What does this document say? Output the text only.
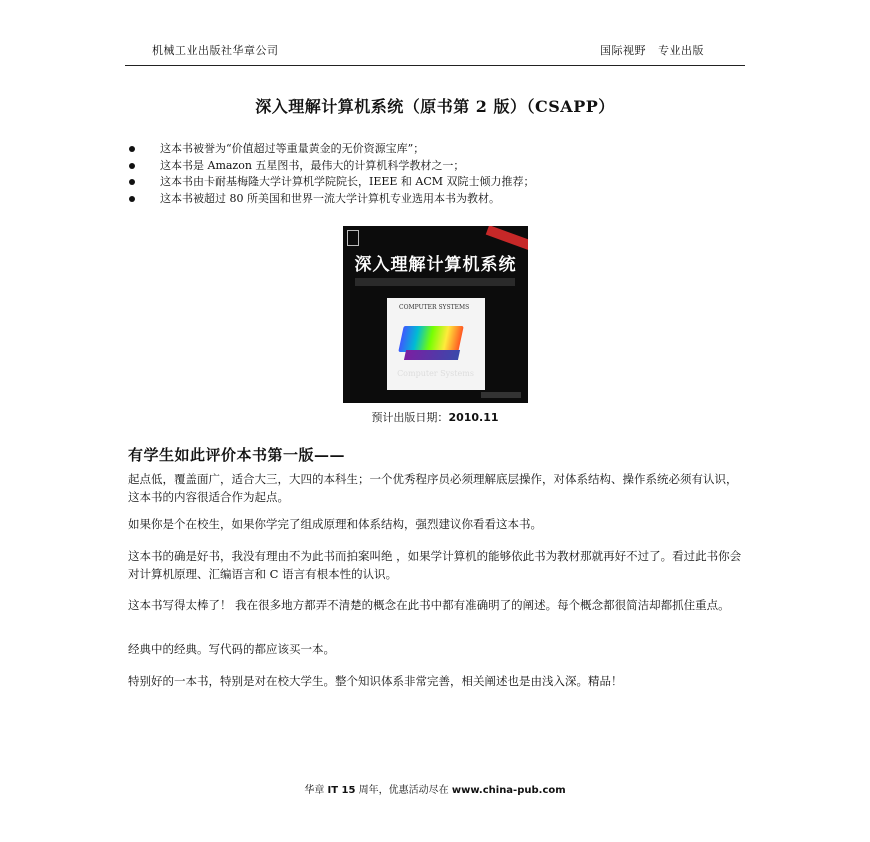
机械工业出版社华章公司	国际视野 专业出版
深入理解计算机系统（原书第 2 版）（CSAPP）
这本书被誉为“价值超过等重量黄金的无价资源宝库”；
这本书是 Amazon 五星图书，最伟大的计算机科学教材之一；
这本书由卡耐基梅隆大学计算机学院院长，IEEE 和 ACM 双院士倾力推荐；
这本书被超过 80 所美国和世界一流大学计算机专业选用本书为教材。
深入理解计算机系统
COMPUTER SYSTEMS
Computer Systems
预计出版日期：2010.11
有学生如此评价本书第一版——

起点低，覆盖面广，适合大三，大四的本科生；一个优秀程序员必须理解底层操作，对体系结构、操作系统必须有认识，这本书的内容很适合作为起点。

如果你是个在校生，如果你学完了组成原理和体系结构，强烈建议你看看这本书。

这本书的确是好书，我没有理由不为此书而拍案叫绝 ，如果学计算机的能够依此书为教材那就再好不过了。看过此书你会对计算机原理、汇编语言和 C 语言有根本性的认识。

这本书写得太棒了！ 我在很多地方都弄不清楚的概念在此书中都有准确明了的阐述。每个概念都很简洁却都抓住重点。

经典中的经典。写代码的都应该买一本。

特别好的一本书，特别是对在校大学生。整个知识体系非常完善，相关阐述也是由浅入深。精品！

华章 IT 15 周年，优惠活动尽在 www.china-pub.com
